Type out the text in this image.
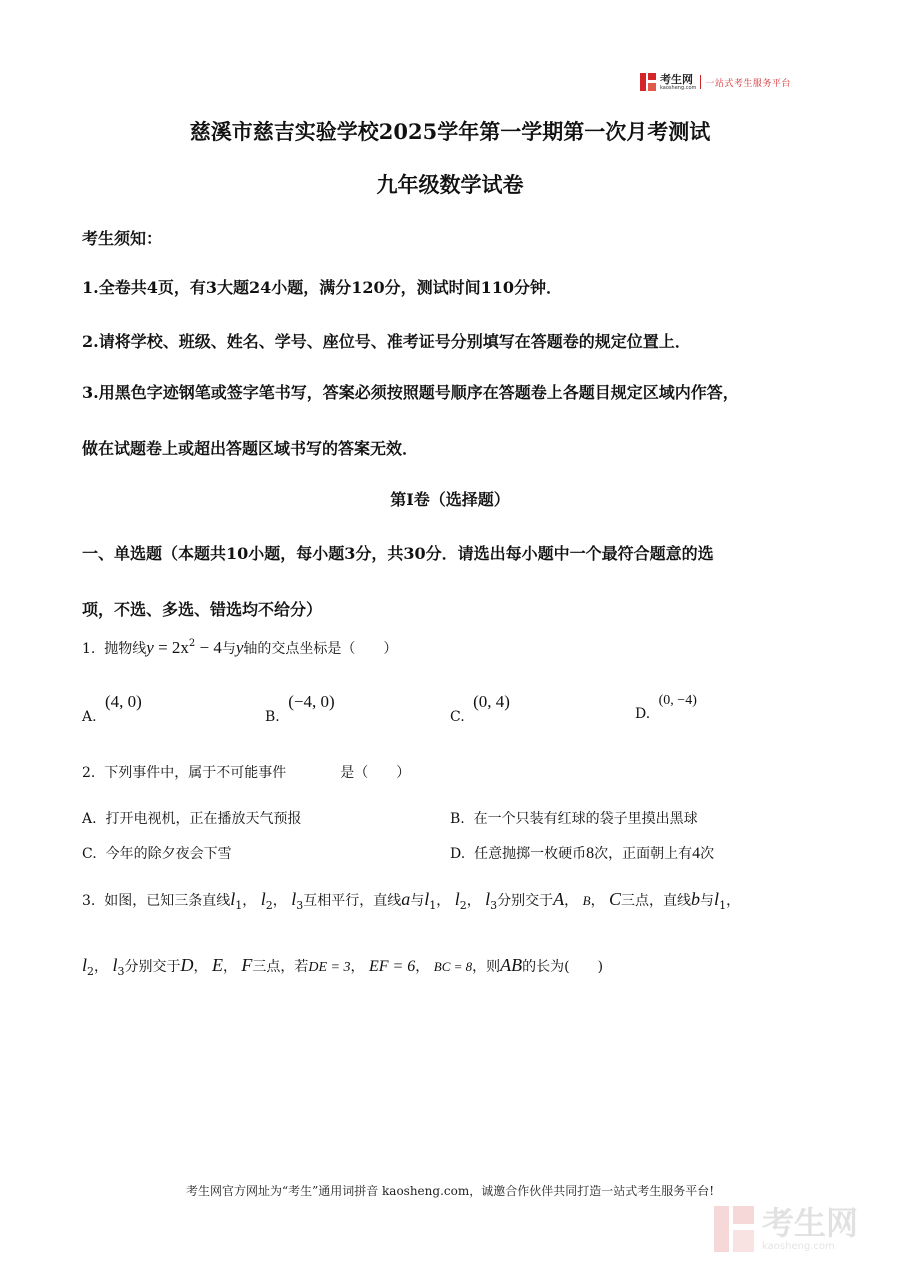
考生网
kaosheng.com 一站式考生服务平台
慈溪市慈吉实验学校2025学年第一学期第一次月考测试
九年级数学试卷
考生须知：
1.全卷共4页，有3大题24小题，满分120分，测试时间110分钟．
2.请将学校、班级、姓名、学号、座位号、准考证号分别填写在答题卷的规定位置上．
3.用黑色字迹钢笔或签字笔书写，答案必须按照题号顺序在答题卷上各题目规定区域内作答，
做在试题卷上或超出答题区域书写的答案无效．
第I卷（选择题）
一、单选题（本题共10小题，每小题3分，共30分．请选出每小题中一个最符合题意的选
项，不选、多选、错选均不给分）
1. 抛物线$y = 2x^2 - 4$与y轴的交点坐标是（　　）
A. (4, 0)
B. (−4, 0)
C. (0, 4)
D. (0, −4)
2. 下列事件中，属于不可能事件	是（　　）
A. 打开电视机，正在播放天气预报	B. 在一个只装有红球的袋子里摸出黑球
C. 今年的除夕夜会下雪	D. 任意抛掷一枚硬币8次，正面朝上有4次
3. 如图，已知三条直线$l_1$， $l_2$， $l_3$互相平行，直线a与$l_1$， $l_2$， $l_3$分别交于A， B， C三点，直线b与$l_1$，
$l_2$， $l_3$分别交于D， E， F三点，若DE = 3， EF = 6， BC = 8，则AB的长为(　　)
考生网官方网址为“考生”通用词拼音 kaosheng.com，诚邀合作伙伴共同打造一站式考生服务平台!
考生网
kaosheng.com
